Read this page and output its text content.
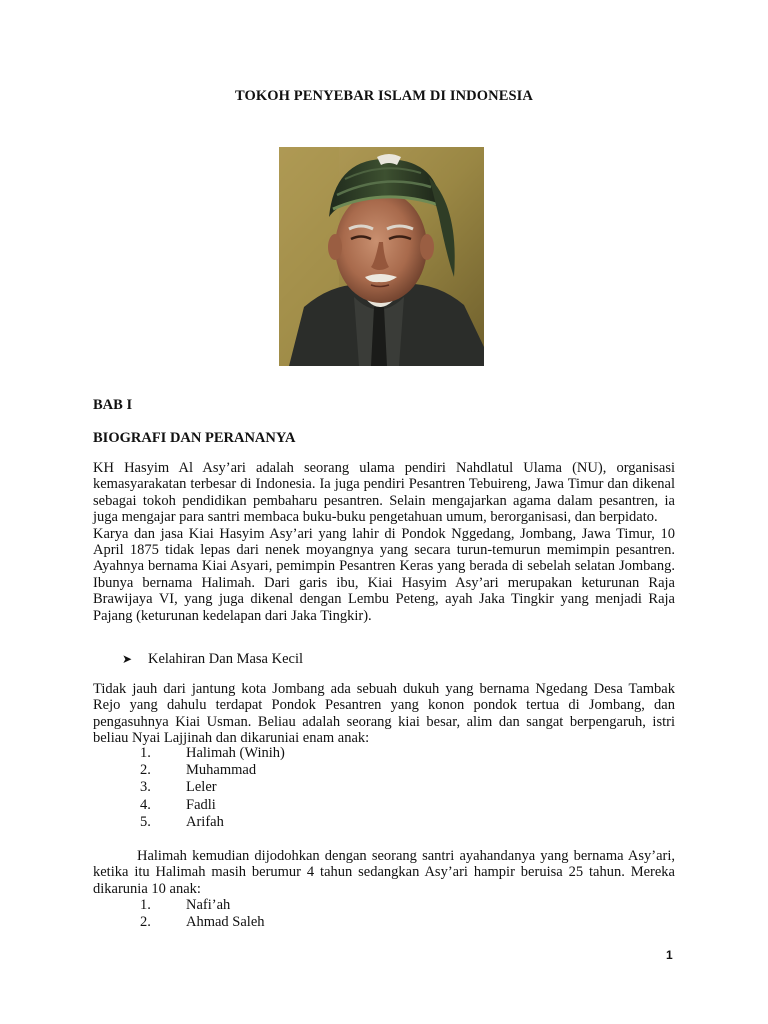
TOKOH PENYEBAR ISLAM DI INDONESIA
BAB I
BIOGRAFI DAN PERANANYA

KH Hasyim Al Asy’ari adalah seorang ulama pendiri Nahdlatul Ulama (NU), organisasi kemasyarakatan terbesar di Indonesia. Ia juga pendiri Pesantren Tebuireng, Jawa Timur dan dikenal sebagai tokoh pendidikan pembaharu pesantren. Selain mengajarkan agama dalam pesantren, ia juga mengajar para santri membaca buku-buku pengetahuan umum, berorganisasi, dan berpidato.

Karya dan jasa Kiai Hasyim Asy’ari yang lahir di Pondok Nggedang, Jombang, Jawa Timur, 10 April 1875 tidak lepas dari nenek moyangnya yang secara turun-temurun memimpin pesantren. Ayahnya bernama Kiai Asyari, pemimpin Pesantren Keras yang berada di sebelah selatan Jombang. Ibunya bernama Halimah. Dari garis ibu, Kiai Hasyim Asy’ari merupakan keturunan Raja Brawijaya VI, yang juga dikenal dengan Lembu Peteng, ayah Jaka Tingkir yang menjadi Raja Pajang (keturunan kedelapan dari Jaka Tingkir).

➤	Kelahiran Dan Masa Kecil

Tidak jauh dari jantung kota Jombang ada sebuah dukuh yang bernama Ngedang Desa Tambak Rejo yang dahulu terdapat Pondok Pesantren yang konon pondok tertua di Jombang, dan pengasuhnya Kiai Usman. Beliau adalah seorang kiai besar, alim dan sangat berpengaruh, istri beliau Nyai Lajjinah dan dikaruniai enam anak:

1.	Halimah (Winih)
2.	Muhammad
3.	Leler
4.	Fadli
5.	Arifah

Halimah kemudian dijodohkan dengan seorang santri ayahandanya yang bernama Asy’ari, ketika itu Halimah masih berumur 4 tahun sedangkan Asy’ari hampir beruisa 25 tahun. Mereka dikarunia 10 anak:

1.	Nafi’ah
2.	Ahmad Saleh
1
